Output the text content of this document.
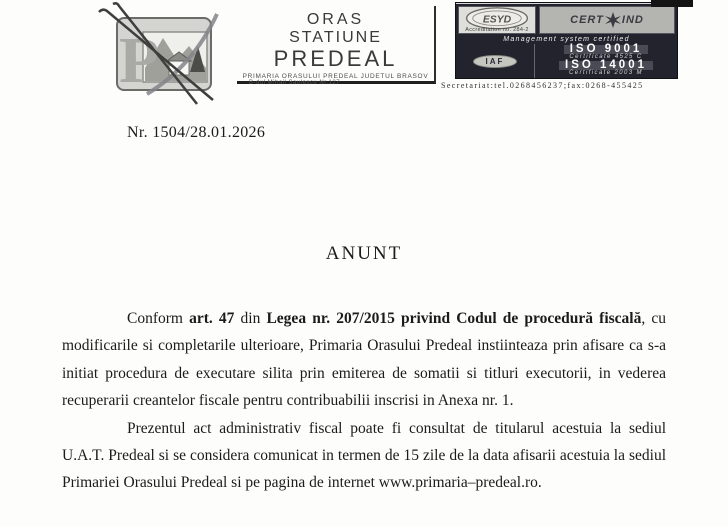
P
ORAS
STATIUNE
PREDEAL
PRIMARIA ORASULUI PREDEAL JUDETUL BRASOV
B-dul Mihail Saulescu Nr.127
ESYD
Accreditation no. 284-2
CERT IND
Management system certified
IAF
ISO 9001
Certificate 4525 C
ISO 14001
Certificate 2003 M
Secretariat:tel.0268456237;fax:0268-455425
Nr. 1504/28.01.2026
ANUNT

Conform art. 47 din Legea nr. 207/2015 privind Codul de procedură fiscală, cu modificarile si completarile ulterioare, Primaria Orasului Predeal instiinteaza prin afisare ca s-a initiat procedura de executare silita prin emiterea de somatii si titluri executorii, in vederea recuperarii creantelor fiscale pentru contribuabilii inscrisi in Anexa nr. 1.

Prezentul act administrativ fiscal poate fi consultat de titularul acestuia la sediul U.A.T. Predeal si se considera comunicat in termen de 15 zile de la data afisarii acestuia la sediul Primariei Orasului Predeal si pe pagina de internet www.primaria–predeal.ro.
